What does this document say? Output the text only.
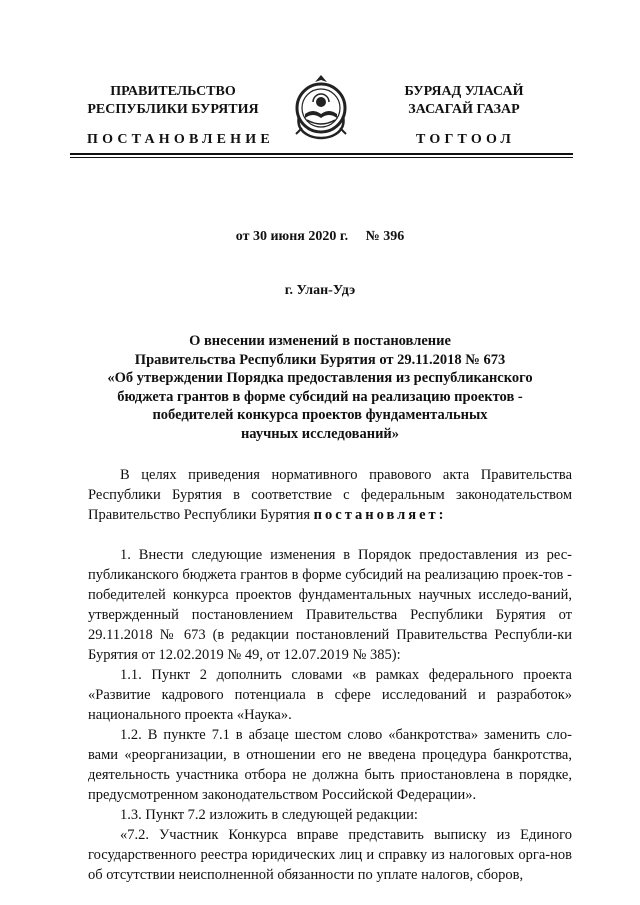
ПРАВИТЕЛЬСТВО
РЕСПУБЛИКИ БУРЯТИЯ
БУРЯАД УЛАСАЙ
ЗАСАГАЙ ГАЗАР
ПОСТАНОВЛЕНИЕ	ТОГТООЛ
от 30 июня 2020 г.     № 396
г. Улан-Удэ
О внесении изменений в постановление
Правительства Республики Бурятия от 29.11.2018 № 673
«Об утверждении Порядка предоставления из республиканского
бюджета грантов в форме субсидий на реализацию проектов -
победителей конкурса проектов фундаментальных
научных исследований»

В целях приведения нормативного правового акта Правительства Республики Бурятия в соответствие с федеральным законодательством Правительство Республики Бурятия постановляет:

1. Внести следующие изменения в Порядок предоставления из рес-публиканского бюджета грантов в форме субсидий на реализацию проек-тов - победителей конкурса проектов фундаментальных научных исследо-ваний, утвержденный постановлением Правительства Республики Бурятия от 29.11.2018 № 673 (в редакции постановлений Правительства Республи-ки Бурятия от 12.02.2019 № 49, от 12.07.2019 № 385):

1.1. Пункт 2 дополнить словами «в рамках федерального проекта «Развитие кадрового потенциала в сфере исследований и разработок» национального проекта «Наука».

1.2. В пункте 7.1 в абзаце шестом слово «банкротства» заменить сло-вами «реорганизации, в отношении его не введена процедура банкротства, деятельность участника отбора не должна быть приостановлена в порядке, предусмотренном законодательством Российской Федерации».

1.3. Пункт 7.2 изложить в следующей редакции:

«7.2. Участник Конкурса вправе представить выписку из Единого государственного реестра юридических лиц и справку из налоговых орга-нов об отсутствии неисполненной обязанности по уплате налогов, сборов,
